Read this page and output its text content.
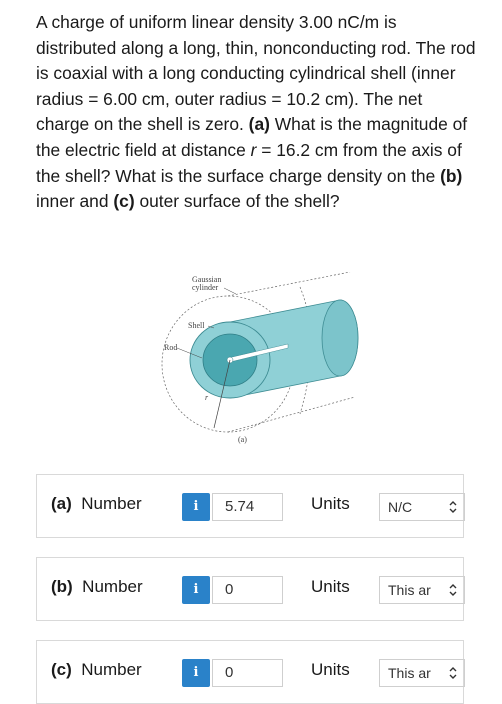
A charge of uniform linear density 3.00 nC/m is distributed along a long, thin, nonconducting rod. The rod is coaxial with a long conducting cylindrical shell (inner radius = 6.00 cm, outer radius = 10.2 cm). The net charge on the shell is zero. (a) What is the magnitude of the electric field at distance r = 16.2 cm from the axis of the shell? What is the surface charge density on the (b) inner and (c) outer surface of the shell?

r
Gaussian
cylinder
Shell
Rod
(a)
(a) Number	i	5.74	Units	N/C
(b) Number	i	0	Units	This ar
(c) Number	i	0	Units	This ar
